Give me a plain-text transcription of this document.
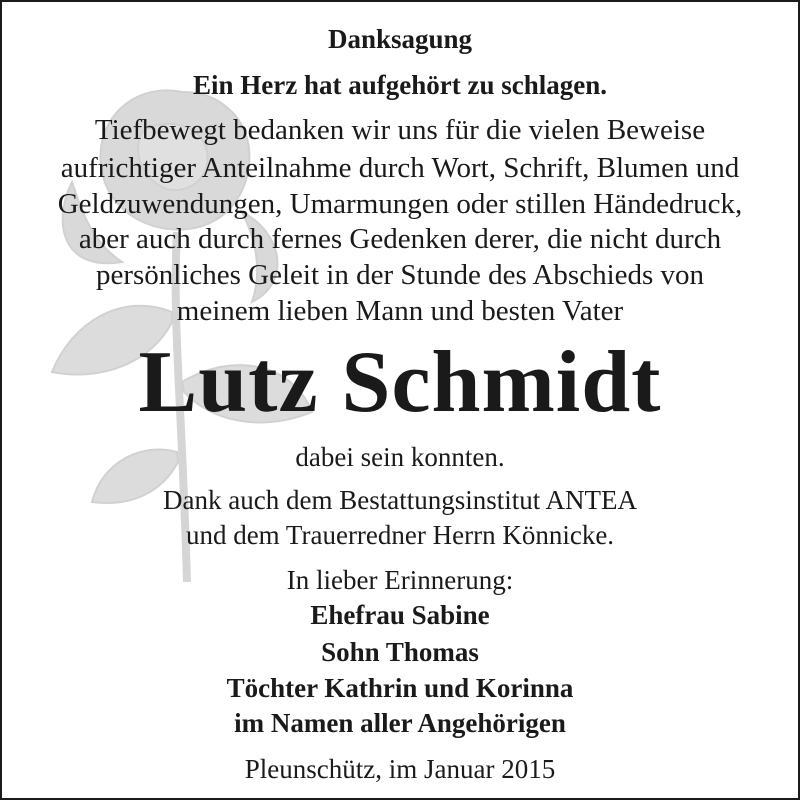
Danksagung
Ein Herz hat aufgehört zu schlagen.
Tiefbewegt bedanken wir uns für die vielen Beweise
aufrichtiger Anteilnahme durch Wort, Schrift, Blumen und
Geldzuwendungen, Umarmungen oder stillen Händedruck,
aber auch durch fernes Gedenken derer, die nicht durch
persönliches Geleit in der Stunde des Abschieds von
meinem lieben Mann und besten Vater
Lutz Schmidt
dabei sein konnten.
Dank auch dem Bestattungsinstitut ANTEA
und dem Trauerredner Herrn Könnicke.
In lieber Erinnerung:
Ehefrau Sabine
Sohn Thomas
Töchter Kathrin und Korinna
im Namen aller Angehörigen
Pleunschütz, im Januar 2015
